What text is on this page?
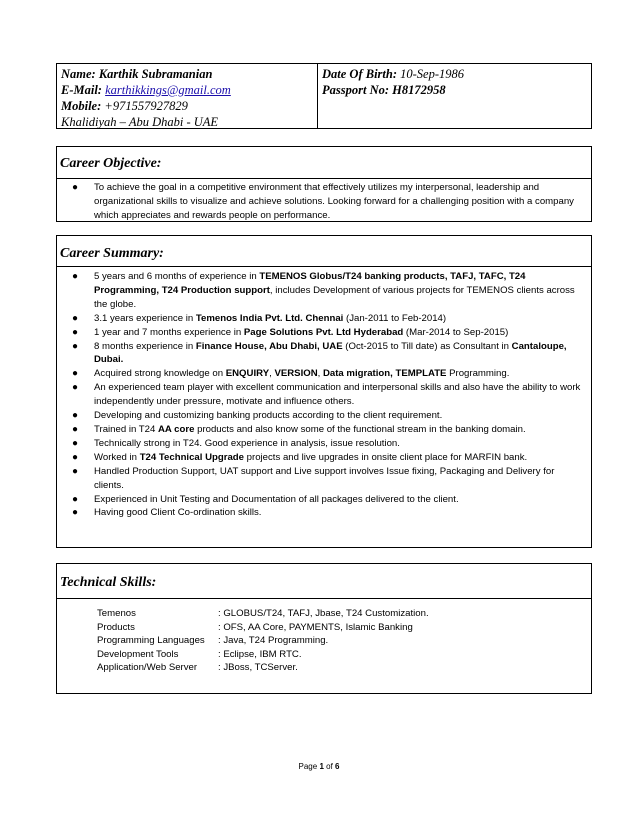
Name: Karthik Subramanian
E-Mail: karthikkings@gmail.com
Mobile: +971557927829
Khalidiyah – Abu Dhabi - UAE
Date Of Birth: 10-Sep-1986
Passport No: H8172958
Career Objective:
● To achieve the goal in a competitive environment that effectively utilizes my interpersonal, leadership and organizational skills to visualize and achieve solutions. Looking forward for a challenging position with a company which appreciates and rewards people on performance.
Career Summary:
● 5 years and 6 months of experience in TEMENOS Globus/T24 banking products, TAFJ, TAFC, T24 Programming, T24 Production support, includes Development of various projects for TEMENOS clients across the globe.
● 3.1 years experience in Temenos India Pvt. Ltd. Chennai (Jan-2011 to Feb-2014)
● 1 year and 7 months experience in Page Solutions Pvt. Ltd Hyderabad (Mar-2014 to Sep-2015)
● 8 months experience in Finance House, Abu Dhabi, UAE (Oct-2015 to Till date) as Consultant in Cantaloupe, Dubai.
● Acquired strong knowledge on ENQUIRY, VERSION, Data migration, TEMPLATE Programming.
● An experienced team player with excellent communication and interpersonal skills and also have the ability to work independently under pressure, motivate and influence others.
● Developing and customizing banking products according to the client requirement.
● Trained in T24 AA core products and also know some of the functional stream in the banking domain.
● Technically strong in T24. Good experience in analysis, issue resolution.
● Worked in T24 Technical Upgrade projects and live upgrades in onsite client place for MARFIN bank.
● Handled Production Support, UAT support and Live support involves Issue fixing, Packaging and Delivery for clients.
● Experienced in Unit Testing and Documentation of all packages delivered to the client.
● Having good Client Co-ordination skills.
Technical Skills:
Temenos	: GLOBUS/T24, TAFJ, Jbase, T24 Customization.
Products	: OFS, AA Core, PAYMENTS, Islamic Banking
Programming Languages : Java, T24 Programming.
Development Tools	: Eclipse, IBM RTC.
Application/Web Server : JBoss, TCServer.
Page 1 of 6
